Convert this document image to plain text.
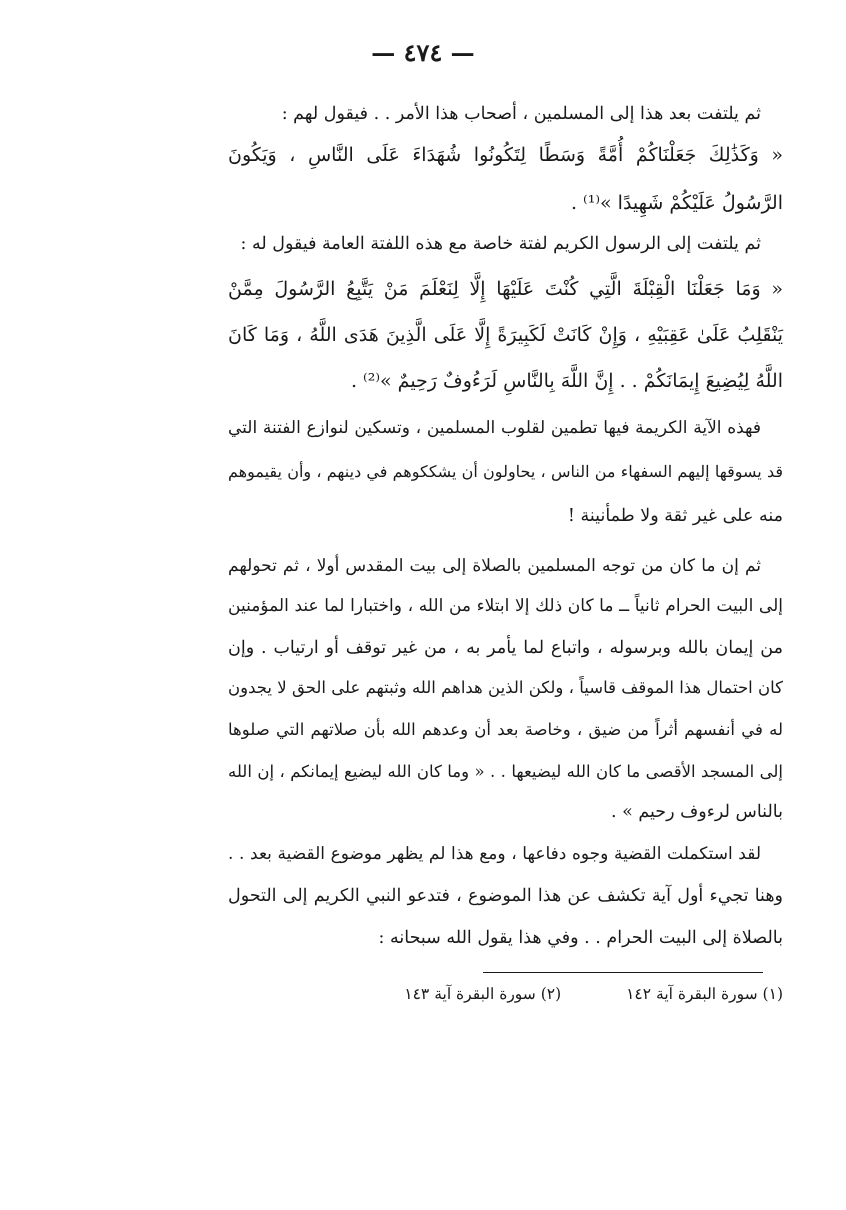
— ٤٧٤ —
ثم يلتفت بعد هذا إلى المسلمين ، أصحاب هذا الأمر . . فيقول لهم :
« وَكَذَٰلِكَ جَعَلْنَاكُمْ أُمَّةً وَسَطًا لِتَكُونُوا شُهَدَاءَ عَلَى النَّاسِ ، وَيَكُونَ
الرَّسُولُ عَلَيْكُمْ شَهِيدًا »⁽¹⁾ .
ثم يلتفت إلى الرسول الكريم لفتة خاصة مع هذه اللفتة العامة فيقول له :
« وَمَا جَعَلْنَا الْقِبْلَةَ الَّتِي كُنْتَ عَلَيْهَا إِلَّا لِنَعْلَمَ مَنْ يَتَّبِعُ الرَّسُولَ مِمَّنْ
يَنْقَلِبُ عَلَىٰ عَقِبَيْهِ ، وَإِنْ كَانَتْ لَكَبِيرَةً إِلَّا عَلَى الَّذِينَ هَدَى اللَّهُ ، وَمَا كَانَ
اللَّهُ لِيُضِيعَ إِيمَانَكُمْ . . إِنَّ اللَّهَ بِالنَّاسِ لَرَءُوفٌ رَحِيمٌ »⁽²⁾ .
فهذه الآية الكريمة فيها تطمين لقلوب المسلمين ، وتسكين لنوازع الفتنة التي
قد يسوقها إليهم السفهاء من الناس ، يحاولون أن يشككوهم في دينهم ، وأن يقيموهم
منه على غير ثقة ولا طمأنينة !
ثم إن ما كان من توجه المسلمين بالصلاة إلى بيت المقدس أولا ، ثم تحولهم
إلى البيت الحرام ثانياً ــ ما كان ذلك إلا ابتلاء من الله ، واختبارا لما عند المؤمنين
من إيمان بالله وبرسوله ، واتباع لما يأمر به ، من غير توقف أو ارتياب . وإن
كان احتمال هذا الموقف قاسياً ، ولكن الذين هداهم الله وثبتهم على الحق لا يجدون
له في أنفسهم أثراً من ضيق ، وخاصة بعد أن وعدهم الله بأن صلاتهم التي صلوها
إلى المسجد الأقصى ما كان الله ليضيعها . . « وما كان الله ليضيع إيمانكم ، إن الله
بالناس لرءوف رحيم » .
لقد استكملت القضية وجوه دفاعها ، ومع هذا لم يظهر موضوع القضية بعد . .
وهنا تجيء أول آية تكشف عن هذا الموضوع ، فتدعو النبي الكريم إلى التحول
بالصلاة إلى البيت الحرام . . وفي هذا يقول الله سبحانه :
(١) سورة البقرة آية ١٤٢ (٢) سورة البقرة آية ١٤٣
